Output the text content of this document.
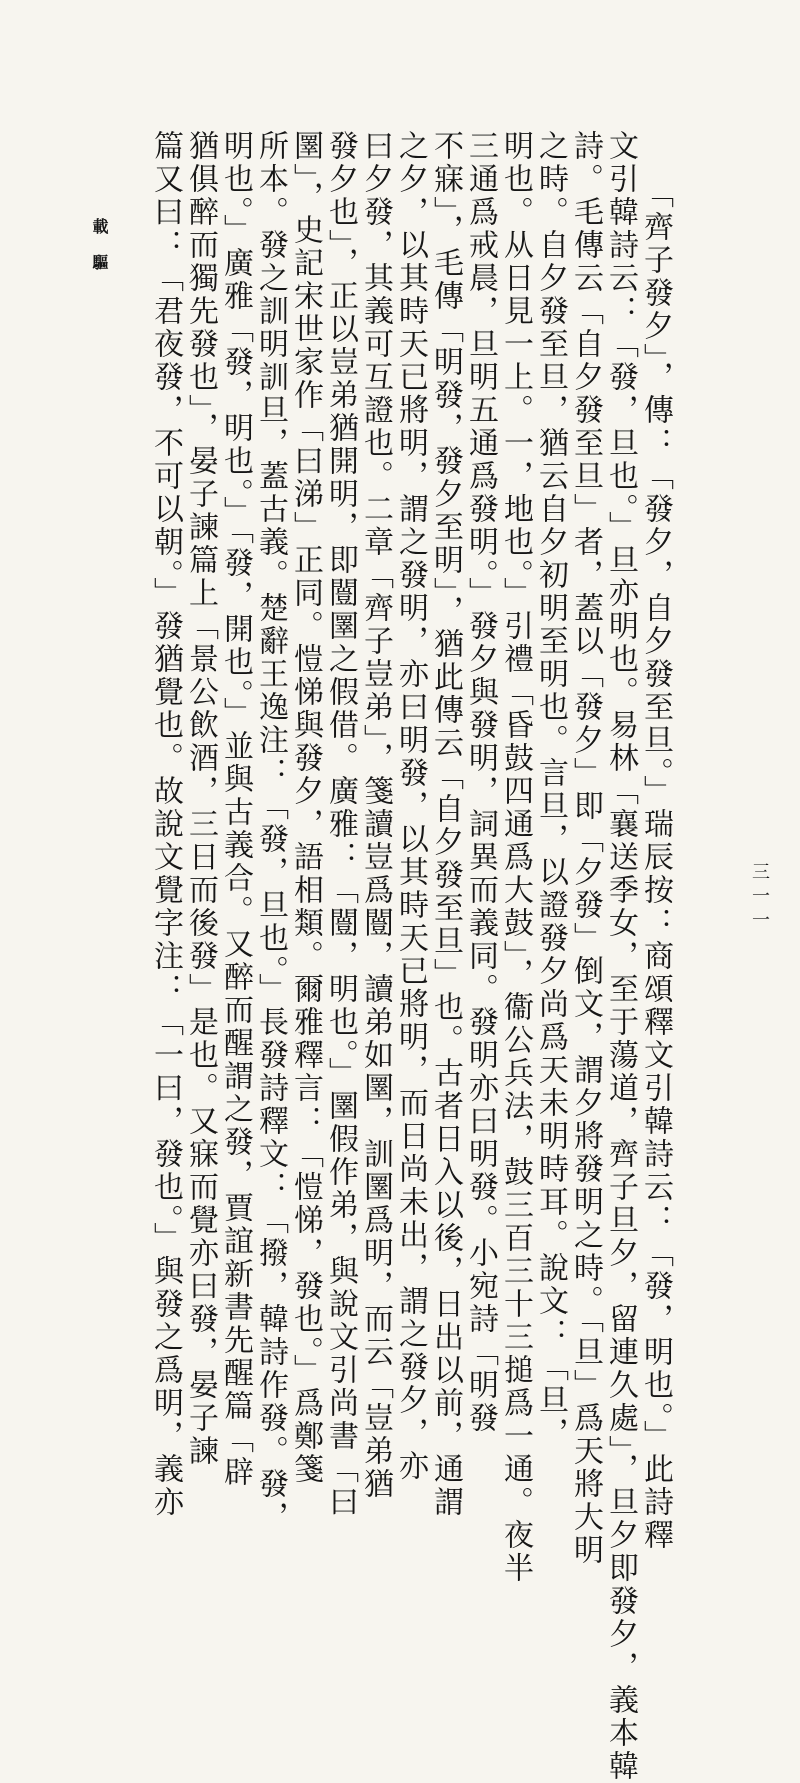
載驅	「齊子發夕」，傳：「發夕，自夕發至旦。」瑞辰按：商頌釋文引韓詩云：「發，明也。」此詩釋
文引韓詩云：「發，旦也。」旦亦明也。易林「襄送季女，至于蕩道，齊子旦夕，留連久處」，旦夕即發夕，義本韓
詩。毛傳云「自夕發至旦」者，蓋以「發夕」即「夕發」倒文，謂夕將發明之時。「旦」爲天將大明
之時。自夕發至旦，猶云自夕初明至明也。言旦，以證發夕尚爲天未明時耳。說文：「旦，
明也。从日見一上。一，地也。」引禮「昏鼓四通爲大鼓」，衞公兵法，鼓三百三十三搥爲一通。夜半
三通爲戒晨，旦明五通爲發明。」發夕與發明，詞異而義同。發明亦曰明發。小宛詩「明發
不寐」，毛傳「明發，發夕至明」，猶此傳云「自夕發至旦」也。古者日入以後，日出以前，通謂
之夕，以其時天已將明，謂之發明，亦曰明發，以其時天已將明，而日尚未出，謂之發夕，亦
曰夕發，其義可互證也。二章「齊子豈弟」，箋讀豈爲闓，讀弟如圛，訓圛爲明，而云「豈弟猶
發夕也」，正以豈弟猶開明，即闓圛之假借。廣雅：「闓，明也。」圛假作弟，與說文引尚書「曰
圛」，史記宋世家作「曰涕」正同。愷悌與發夕，語相類。爾雅釋言：「愷悌，發也。」爲鄭箋
所本。發之訓明訓旦，蓋古義。楚辭王逸注：「發，旦也。」長發詩釋文：「撥，韓詩作發。發，
明也。」廣雅「發，明也。」「發，開也。」並與古義合。又醉而醒謂之發，賈誼新書先醒篇「辟
猶俱醉而獨先發也」，晏子諫篇上「景公飲酒，三日而後發」是也。又寐而覺亦曰發，晏子諫
篇又曰：「君夜發，不可以朝。」發猶覺也。故說文覺字注：「一曰，發也。」與發之爲明，義亦	三一一
